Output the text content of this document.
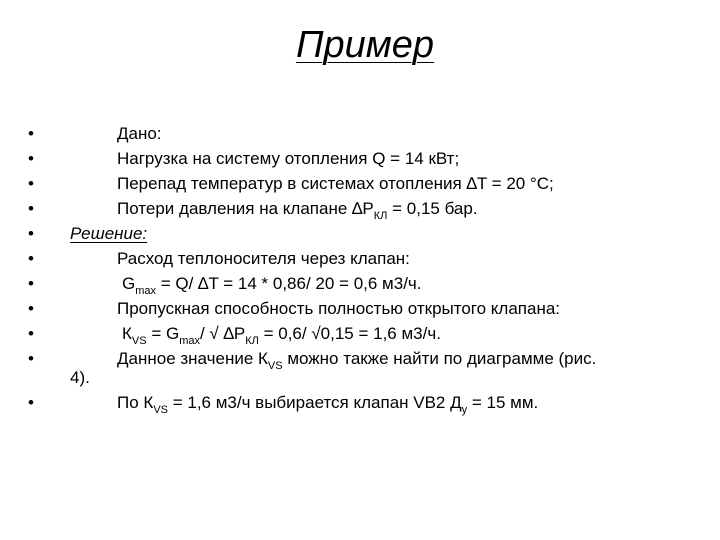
Пример
•
•
•
•
•
•
•
•
•
•
•
Дано:
Нагрузка на систему отопления Q = 14 кВт;
Перепад температур в системах отопления ∆T = 20 °C;
Потери давления на клапане $\Delta P_{КЛ} = 0,15$ бар.
Решение:
Расход теплоносителя через клапан:
$G_{max} = Q/$ ∆T = 14 * 0,86/ 20 = 0,6 м3/ч.
Пропускная способность полностью открытого клапана:
$К_{VS} = G_{max}/$ √ $\Delta P_{КЛ} = 0,6/$ √0,15 = 1,6 м3/ч.
Данное значение $К_{VS}$ можно также найти по диаграмме (рис.
4).
По $К_{VS} = 1,6$ м3/ч выбирается клапан VB2 $Д_у = 15$ мм.
